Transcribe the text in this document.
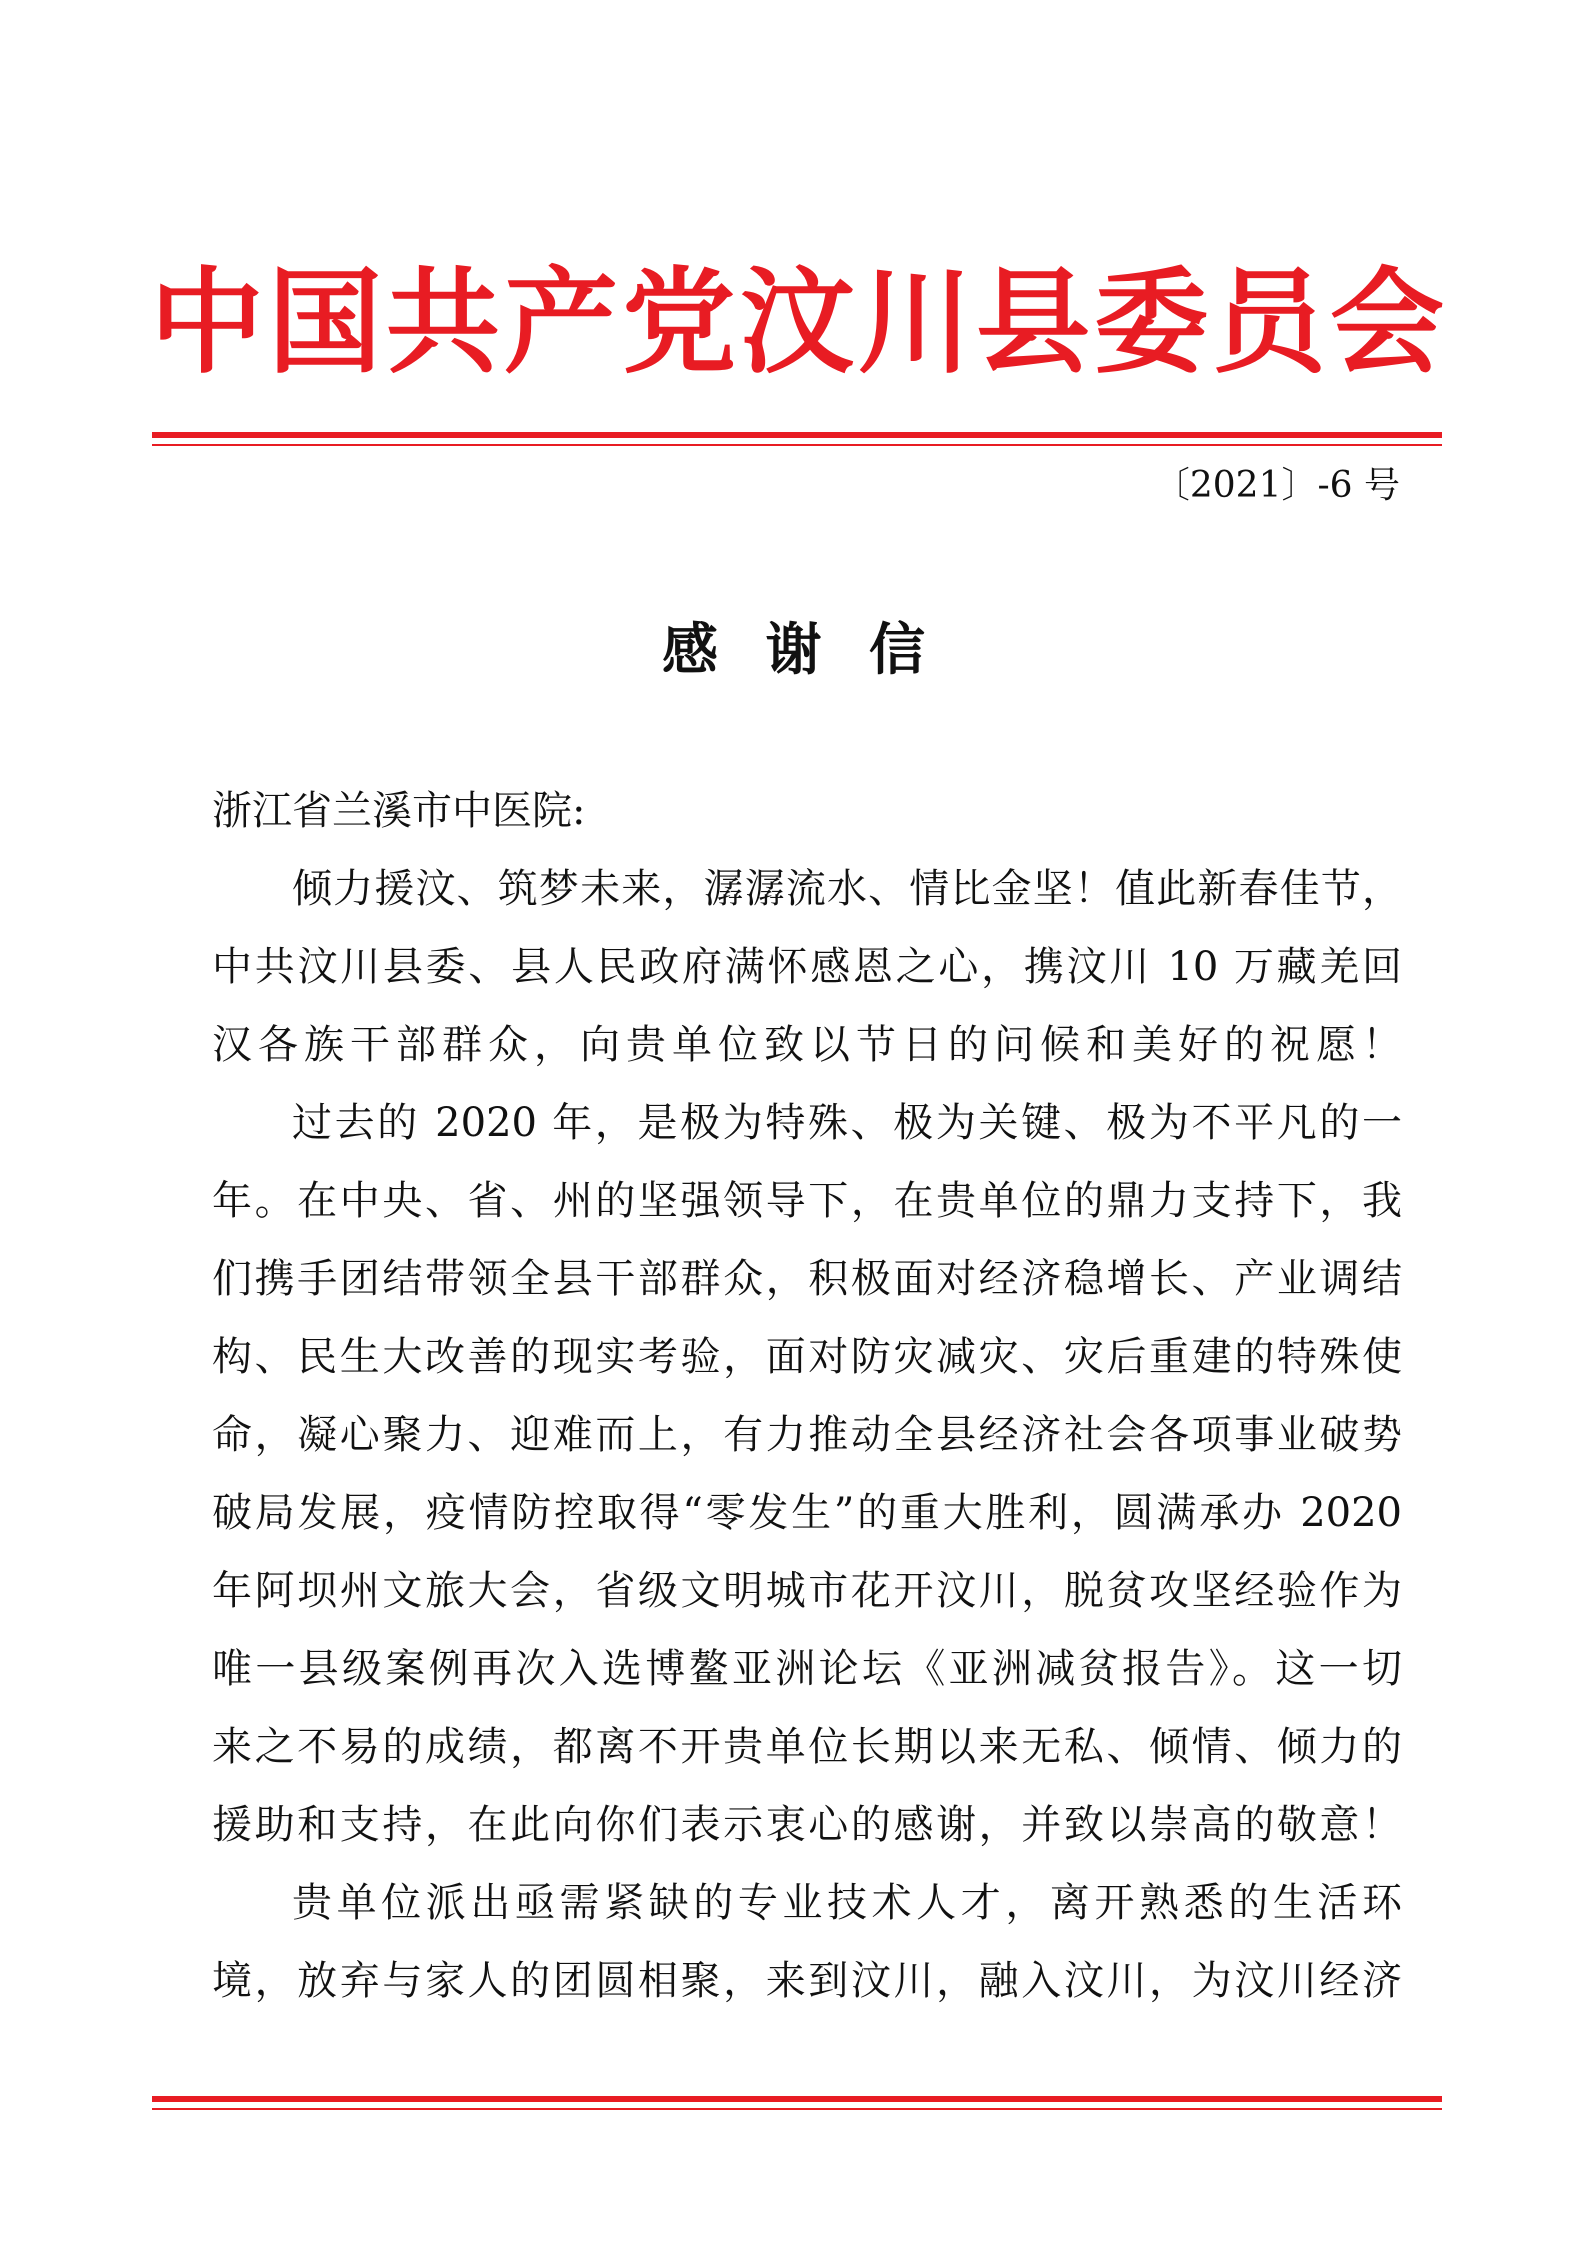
中国共产党汶川县委员会
〔2021〕-6 号
感 谢 信
浙江省兰溪市中医院:
倾力援汶、筑梦未来，潺潺流水、情比金坚！值此新春佳节，
中共汶川县委、县人民政府满怀感恩之心，携汶川 10 万藏羌回
汉各族干部群众，向贵单位致以节日的问候和美好的祝愿！
过去的 2020 年，是极为特殊、极为关键、极为不平凡的一
年。在中央、省、州的坚强领导下，在贵单位的鼎力支持下，我
们携手团结带领全县干部群众，积极面对经济稳增长、产业调结
构、民生大改善的现实考验，面对防灾减灾、灾后重建的特殊使
命，凝心聚力、迎难而上，有力推动全县经济社会各项事业破势
破局发展，疫情防控取得“零发生”的重大胜利，圆满承办 2020
年阿坝州文旅大会，省级文明城市花开汶川，脱贫攻坚经验作为
唯一县级案例再次入选博鳌亚洲论坛《亚洲减贫报告》。这一切
来之不易的成绩，都离不开贵单位长期以来无私、倾情、倾力的
援助和支持，在此向你们表示衷心的感谢，并致以崇高的敬意！
贵单位派出亟需紧缺的专业技术人才，离开熟悉的生活环
境，放弃与家人的团圆相聚，来到汶川，融入汶川，为汶川经济
